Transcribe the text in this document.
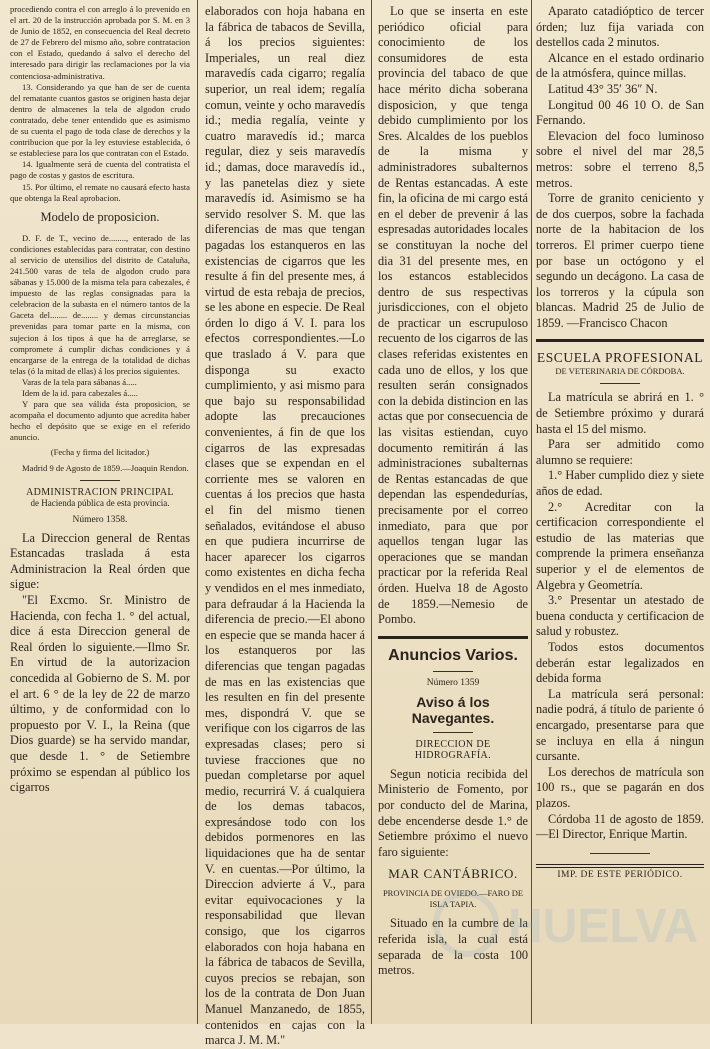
procediendo contra el con arreglo á lo prevenido en el art. 20 de la instrucción aprobada por S. M. en 3 de Junio de 1852, en consecuencia del Real decreto de 27 de Febrero del mismo año, sobre contratacion con el Estado, quedando á salvo el derecho del interesado para dirigir las reclamaciones por la via contenciosa-administrativa.

13. Considerando ya que han de ser de cuenta del rematante cuantos gastos se originen hasta dejar dentro de almacenes la tela de algodon crudo contratado, debe tener entendido que es asimismo de su cuenta el pago de toda clase de derechos y la contribucion que por la ley estuviese establecida, ó se estableciese para los que contratan con el Estado.

14. Igualmente será de cuenta del contratista el pago de costas y gastos de escritura.

15. Por último, el remate no causará efecto hasta que obtenga la Real aprobacion.

Modelo de proposicion.

D. F. de T., vecino de........, enterado de las condiciones establecidas para contratar, con destino al servicio de utensilios del distrito de Cataluña, 241.500 varas de tela de algodon crudo para sábanas y 15.000 de la misma tela para cabezales, é impuesto de las reglas consignadas para la celebracion de la subasta en el número tantos de la Gaceta del........ de........ y demas circunstancias prevenidas para tomar parte en la misma, con sujecion á los tipos á que ha de arreglarse, se compromete á cumplir dichas condiciones y á encargarse de la entrega de la totalidad de dichas telas (ó la mitad de ellas) á los precios siguientes.

Varas de la tela para sábanas á.....

Idem de la id. para cabezales á.....

Y para que sea válida ésta proposicion, se acompaña el documento adjunto que acredita haber hecho el depósito que se exige en el referido anuncio.

(Fecha y firma del licitador.)

Madrid 9 de Agosto de 1859.—Joaquin Rendon.

ADMINISTRACION PRINCIPAL
de Hacienda pública de esta provincia.
Número 1358.

La Direccion general de Rentas Estancadas traslada á esta Administracion la Real órden que sigue:

"El Excmo. Sr. Ministro de Hacienda, con fecha 1. ° del actual, dice á esta Direccion general de Real órden lo siguiente.—Ilmo Sr. En virtud de la autorizacion concedida al Gobierno de S. M. por el art. 6 ° de la ley de 22 de marzo último, y de conformidad con lo propuesto por V. I., la Reina (que Dios guarde) se ha servido mandar, que desde 1. ° de Setiembre próximo se espendan al público los cigarros

elaborados con hoja habana en la fábrica de tabacos de Sevilla, á los precios siguientes: Imperiales, un real diez maravedís cada cigarro; regalía superior, un real idem; regalía comun, veinte y ocho maravedís id.; media regalía, veinte y cuatro maravedís id.; marca regular, diez y seis maravedís id.; damas, doce maravedís id., y las panetelas diez y siete maravedís id. Asimismo se ha servido resolver S. M. que las diferencias de mas que tengan pagadas los estanqueros en las existencias de cigarros que les resulte á fin del presente mes, á virtud de esta rebaja de precios, se les abone en especie. De Real órden lo digo á V. I. para los efectos correspondientes.—Lo que traslado á V. para que disponga su exacto cumplimiento, y asi mismo para que bajo su responsabilidad adopte las precauciones convenientes, á fin de que los cigarros de las expresadas clases que se expendan en el corriente mes se valoren en cuentas á los precios que hasta el fin del mismo tienen señalados, evitándose el abuso en que pudiera incurrirse de hacer aparecer los cigarros como existentes en dicha fecha y vendidos en el mes inmediato, para defraudar á la Hacienda la diferencia de precio.—El abono en especie que se manda hacer á los estanqueros por las diferencias que tengan pagadas de mas en las existencias que les resulten en fin del presente mes, dispondrá V. que se verifique con los cigarros de las expresadas clases; pero si tuviese fracciones que no puedan completarse por aquel medio, recurrirá V. á cualquiera de los demas tabacos, expresándose todo con los debidos pormenores en las liquidaciones que ha de sentar V. en cuentas.—Por último, la Direccion advierte á V., para evitar equivocaciones y la responsabilidad que llevan consigo, que los cigarros elaborados con hoja habana en la fábrica de tabacos de Sevilla, cuyos precios se rebajan, son los de la contrata de Don Juan Manuel Manzanedo, de 1855, contenidos en cajas con la marca J. M. M."

Lo que se inserta en este periódico oficial para conocimiento de los consumidores de esta provincia del tabaco de que hace mérito dicha soberana disposicion, y que tenga debido cumplimiento por los Sres. Alcaldes de los pueblos de la misma y administradores subalternos de Rentas estancadas. A este fin, la oficina de mi cargo está en el deber de prevenir á las espresadas autoridades locales se constituyan la noche del dia 31 del presente mes, en los estancos establecidos dentro de sus respectivas jurisdicciones, con el objeto de practicar un escrupuloso recuento de los cigarros de las clases referidas existentes en cada uno de ellos, y los que resulten serán consignados con la debida distincion en las actas que por consecuencia de las visitas estiendan, cuyo documento remitirán á las administraciones subalternas de Rentas estancadas de que dependan las espendedurías, precisamente por el correo inmediato, para que por aquellos tengan lugar las operaciones que se mandan practicar por la referida Real órden. Huelva 18 de Agosto de 1859.—Nemesio de Pombo.

Anuncios Varios.
Número 1359
Aviso á los Navegantes.
DIRECCION DE HIDROGRAFÍA.

Segun noticia recibida del Ministerio de Fomento, por por conducto del de Marina, debe encenderse desde 1.° de Setiembre próximo el nuevo faro siguiente:

MAR CANTÁBRICO.
PROVINCIA DE OVIEDO.—FARO DE ISLA TAPIA.

Situado en la cumbre de la referida isla, la cual está separada de la costa 100 metros.

Aparato catadióptico de tercer órden; luz fija variada con destellos cada 2 minutos.

Alcance en el estado ordinario de la atmósfera, quince millas.

Latitud 43° 35′ 36″ N.

Longitud 00 46 10 O. de San Fernando.

Elevacion del foco luminoso sobre el nivel del mar 28,5 metros: sobre el terreno 8,5 metros.

Torre de granito ceniciento y de dos cuerpos, sobre la fachada norte de la habitacion de los torreros. El primer cuerpo tiene por base un octógono y el segundo un decágono. La casa de los torreros y la cúpula son blancas. Madrid 25 de Julio de 1859. —Francisco Chacon

ESCUELA PROFESIONAL
DE VETERINARIA DE CÓRDOBA.

La matrícula se abrirá en 1. ° de Setiembre próximo y durará hasta el 15 del mismo.

Para ser admitido como alumno se requiere:

1.° Haber cumplido diez y siete años de edad.

2.° Acreditar con la certificacion correspondiente el estudio de las materias que comprende la primera enseñanza superior y el de elementos de Algebra y Geometría.

3.° Presentar un atestado de buena conducta y certificacion de salud y robustez.

Todos estos documentos deberán estar legalizados en debida forma

La matrícula será personal: nadie podrá, á título de pariente ó encargado, presentarse para que se incluya en ella á ningun cursante.

Los derechos de matrícula son 100 rs., que se pagarán en dos plazos.

Córdoba 11 de agosto de 1859.—El Director, Enrique Martin.

IMP. DE ESTE PERIÓDICO.
HUELVA
